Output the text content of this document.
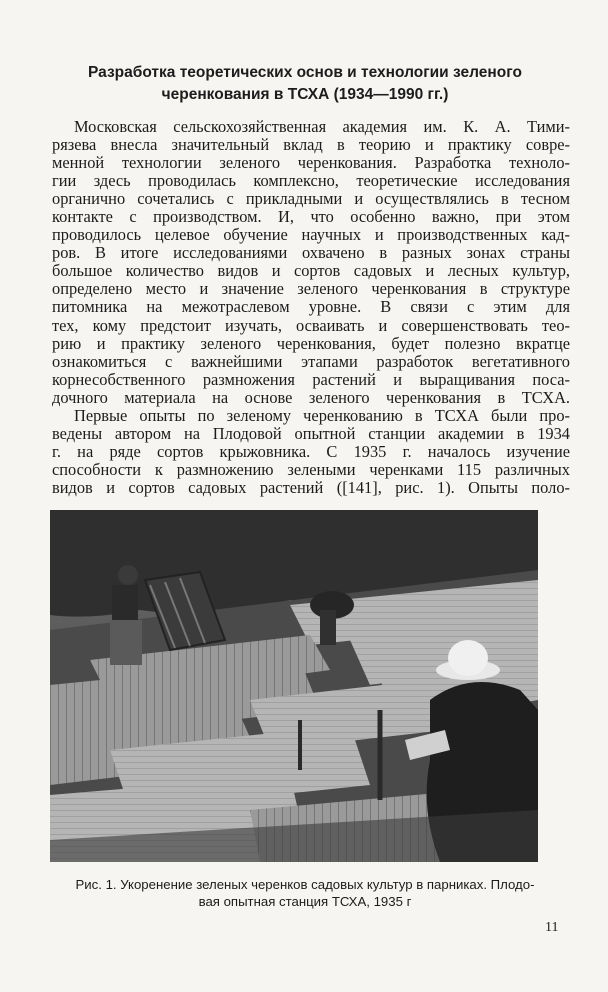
Разработка теоретических основ и технологии зеленого
черенкования в ТСХА (1934—1990 гг.)
Московская сельскохозяйственная академия им. К. А. Тими-
рязева внесла значительный вклад в теорию и практику совре-
менной технологии зеленого черенкования. Разработка техноло-
гии здесь проводилась комплексно, теоретические исследования
органично сочетались с прикладными и осуществлялись в тесном
контакте с производством. И, что особенно важно, при этом
проводилось целевое обучение научных и производственных кад-
ров. В итоге исследованиями охвачено в разных зонах страны
большое количество видов и сортов садовых и лесных культур,
определено место и значение зеленого черенкования в структуре
питомника на межотраслевом уровне. В связи с этим для
тех, кому предстоит изучать, осваивать и совершенствовать тео-
рию и практику зеленого черенкования, будет полезно вкратце
ознакомиться с важнейшими этапами разработок вегетативного
корнесобственного размножения растений и выращивания поса-
дочного материала на основе зеленого черенкования в ТСХА.
Первые опыты по зеленому черенкованию в ТСХА были про-
ведены автором на Плодовой опытной станции академии в 1934
г. на ряде сортов крыжовника. С 1935 г. началось изучение
способности к размножению зелеными черенками 115 различных
видов и сортов садовых растений ([141], рис. 1). Опыты поло-
Рис. 1. Укоренение зеленых черенков садовых культур в парниках. Плодо-
вая опытная станция ТСХА, 1935 г
11
